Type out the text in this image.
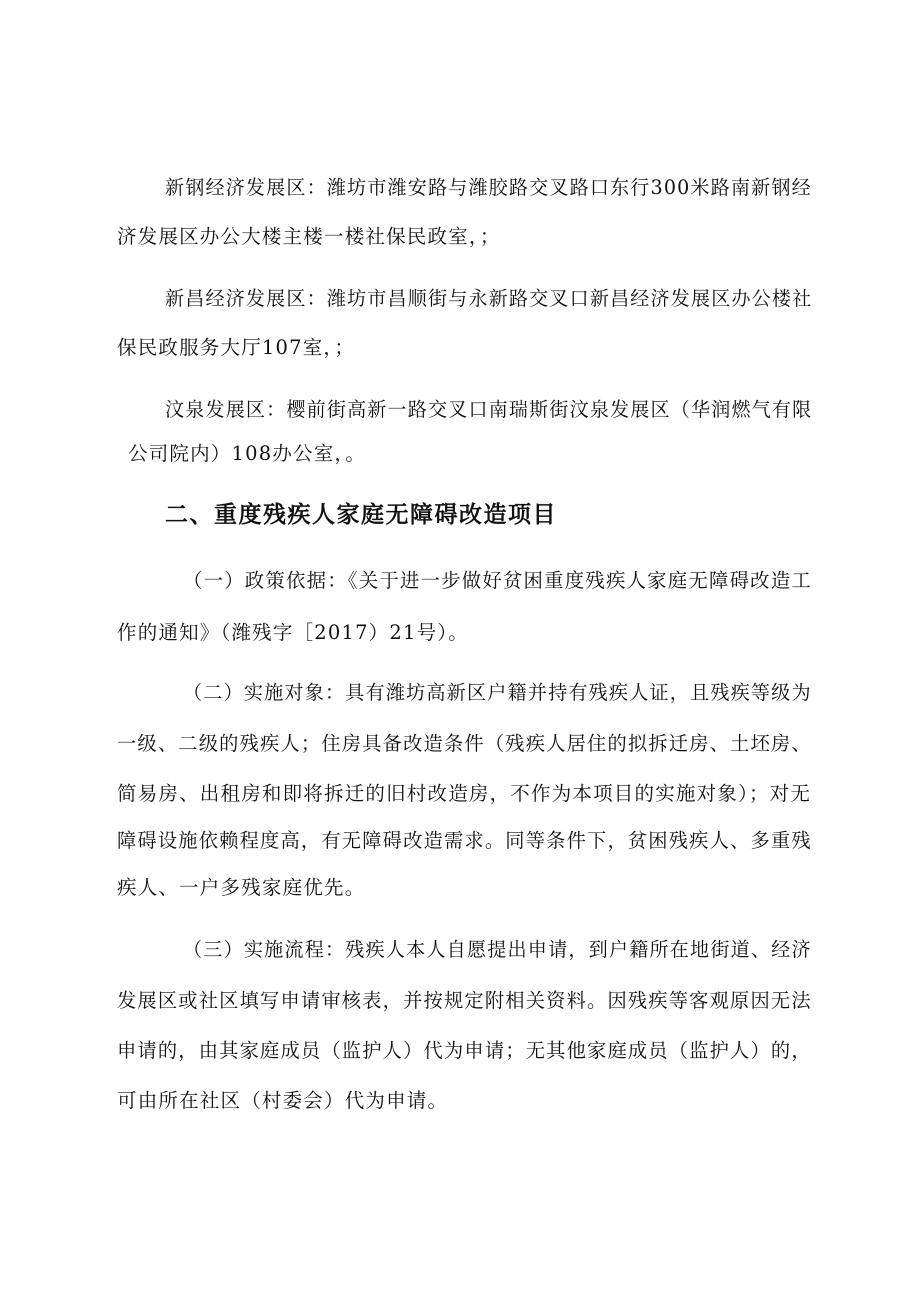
新钢经济发展区：潍坊市潍安路与潍胶路交叉路口东行300米路南新钢经
济发展区办公大楼主楼一楼社保民政室，；
新昌经济发展区：潍坊市昌顺街与永新路交叉口新昌经济发展区办公楼社
保民政服务大厅107室，；
汶泉发展区：樱前街高新一路交叉口南瑞斯街汶泉发展区（华润燃气有限
公司院内）108办公室，。
二、重度残疾人家庭无障碍改造项目
（一）政策依据：《关于进一步做好贫困重度残疾人家庭无障碍改造工
作的通知》（潍残字［2017）21号）。
（二）实施对象：具有潍坊高新区户籍并持有残疾人证，且残疾等级为
一级、二级的残疾人；住房具备改造条件（残疾人居住的拟拆迁房、土坯房、
简易房、出租房和即将拆迁的旧村改造房，不作为本项目的实施对象）；对无
障碍设施依赖程度高，有无障碍改造需求。同等条件下，贫困残疾人、多重残
疾人、一户多残家庭优先。
（三）实施流程：残疾人本人自愿提出申请，到户籍所在地街道、经济
发展区或社区填写申请审核表，并按规定附相关资料。因残疾等客观原因无法
申请的，由其家庭成员（监护人）代为申请；无其他家庭成员（监护人）的，
可由所在社区（村委会）代为申请。
